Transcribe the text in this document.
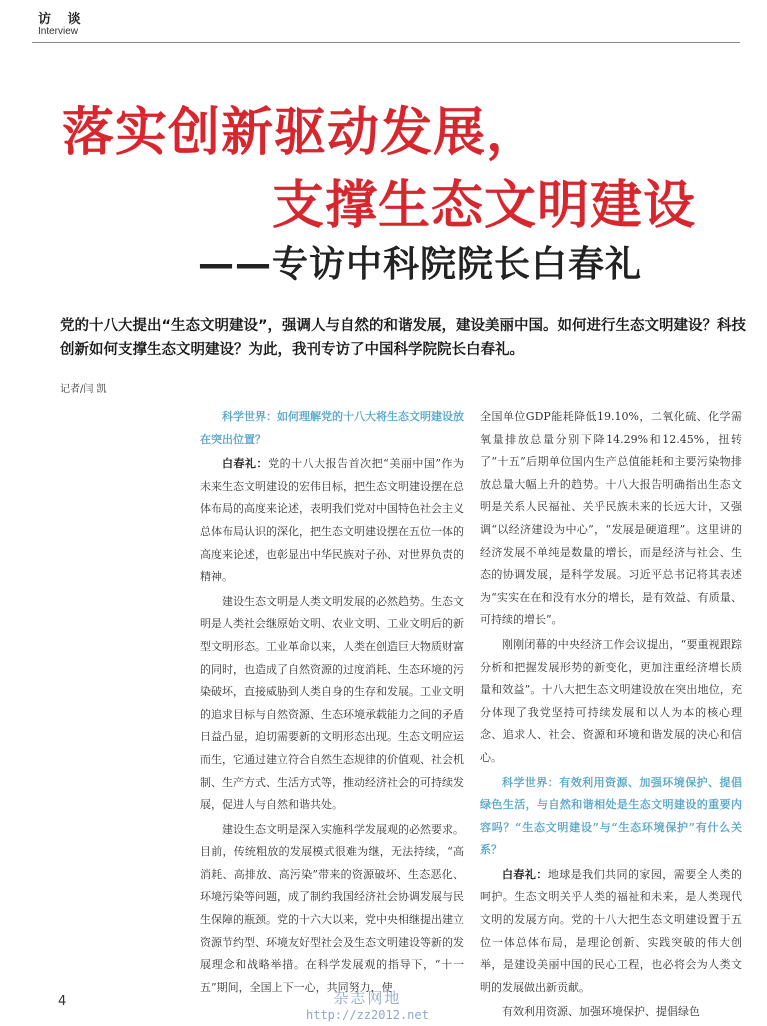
访 谈
Interview
落实创新驱动发展，
支撑生态文明建设
——专访中科院院长白春礼
党的十八大提出“生态文明建设”，强调人与自然的和谐发展，建设美丽中国。如何进行生态文明建设？科技创新如何支撑生态文明建设？为此，我刊专访了中国科学院院长白春礼。
记者/闫 凯

科学世界：如何理解党的十八大将生态文明建设放在突出位置？

白春礼：党的十八大报告首次把“美丽中国”作为未来生态文明建设的宏伟目标，把生态文明建设摆在总体布局的高度来论述，表明我们党对中国特色社会主义总体布局认识的深化，把生态文明建设摆在五位一体的高度来论述，也彰显出中华民族对子孙、对世界负责的精神。

建设生态文明是人类文明发展的必然趋势。生态文明是人类社会继原始文明、农业文明、工业文明后的新型文明形态。工业革命以来，人类在创造巨大物质财富的同时，也造成了自然资源的过度消耗、生态环境的污染破坏，直接威胁到人类自身的生存和发展。工业文明的追求目标与自然资源、生态环境承载能力之间的矛盾日益凸显，迫切需要新的文明形态出现。生态文明应运而生，它通过建立符合自然生态规律的价值观、社会机制、生产方式、生活方式等，推动经济社会的可持续发展，促进人与自然和谐共处。

建设生态文明是深入实施科学发展观的必然要求。目前，传统粗放的发展模式很难为继，无法持续，“高消耗、高排放、高污染”带来的资源破坏、生态恶化、环境污染等问题，成了制约我国经济社会协调发展与民生保障的瓶颈。党的十六大以来，党中央相继提出建立资源节约型、环境友好型社会及生态文明建设等新的发展理念和战略举措。在科学发展观的指导下，“十一五”期间，全国上下一心，共同努力，使

全国单位GDP能耗降低19.10%，二氧化硫、化学需氧量排放总量分别下降14.29%和12.45%，扭转了“十五”后期单位国内生产总值能耗和主要污染物排放总量大幅上升的趋势。十八大报告明确指出生态文明是关系人民福祉、关乎民族未来的长远大计，又强调“以经济建设为中心”，“发展是硬道理”。这里讲的经济发展不单纯是数量的增长，而是经济与社会、生态的协调发展，是科学发展。习近平总书记将其表述为“实实在在和没有水分的增长，是有效益、有质量、可持续的增长”。

刚刚闭幕的中央经济工作会议提出，“要重视跟踪分析和把握发展形势的新变化，更加注重经济增长质量和效益”。十八大把生态文明建设放在突出地位，充分体现了我党坚持可持续发展和以人为本的核心理念、追求人、社会、资源和环境和谐发展的决心和信心。

科学世界：有效利用资源、加强环境保护、提倡绿色生活，与自然和谐相处是生态文明建设的重要内容吗？“生态文明建设”与“生态环境保护”有什么关系？

白春礼：地球是我们共同的家园，需要全人类的呵护。生态文明关乎人类的福祉和未来，是人类现代文明的发展方向。党的十八大把生态文明建设置于五位一体总体布局，是理论创新、实践突破的伟大创举，是建设美丽中国的民心工程，也必将会为人类文明的发展做出新贡献。

有效利用资源、加强环境保护、提倡绿色

4	杂志网地
http://zz2012.net
